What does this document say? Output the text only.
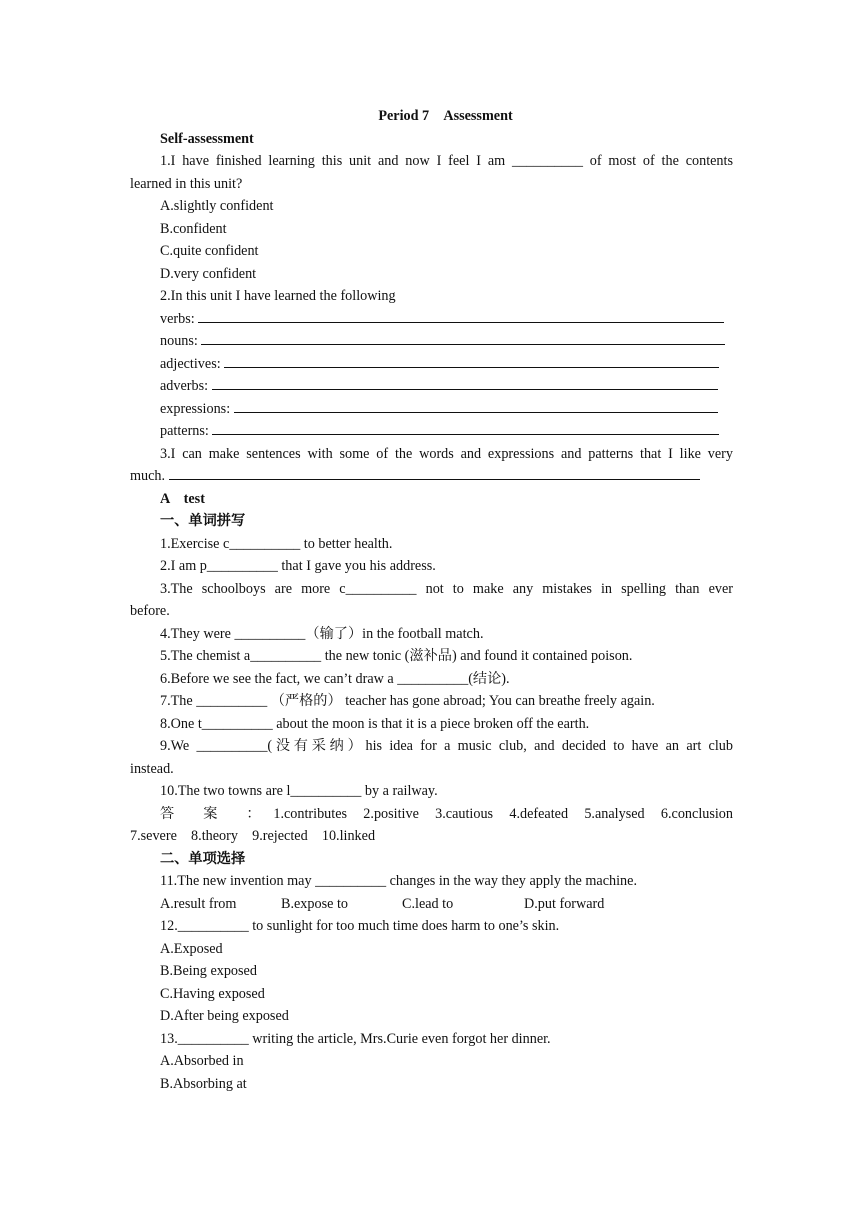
Period 7　Assessment
Self-assessment
1.I have finished learning this unit and now I feel I am __________ of most of the contents
learned in this unit?
A.slightly confident
B.confident
C.quite confident
D.very confident
2.In this unit I have learned the following
verbs:
nouns:
adjectives:
adverbs:
expressions:
patterns:
3.I can make sentences with some of the words and expressions and patterns that I like very
much.
A　test
一、单词拼写
1.Exercise c__________ to better health.
2.I am p__________ that I gave you his address.
3.The schoolboys are more c__________ not to make any mistakes in spelling than ever
before.
4.They were __________（输了）in the football match.
5.The chemist a__________ the new tonic (滋补品) and found it contained poison.
6.Before we see the fact, we can’t draw a __________(结论).
7.The __________ （严格的） teacher has gone abroad; You can breathe freely again.
8.One t__________ about the moon is that it is a piece broken off the earth.
9.We __________(没有采纳）his idea for a music club, and decided to have an art club
instead.
10.The two towns are l__________ by a railway.
答 案 ：1.contributes 2.positive 3.cautious 4.defeated 5.analysed 6.conclusion
7.severe　8.theory　9.rejected　10.linked
二、单项选择
11.The new invention may __________ changes in the way they apply the machine.
A.result from	B.expose to	C.lead to	D.put forward
12.__________ to sunlight for too much time does harm to one’s skin.
A.Exposed
B.Being exposed
C.Having exposed
D.After being exposed
13.__________ writing the article, Mrs.Curie even forgot her dinner.
A.Absorbed in
B.Absorbing at
